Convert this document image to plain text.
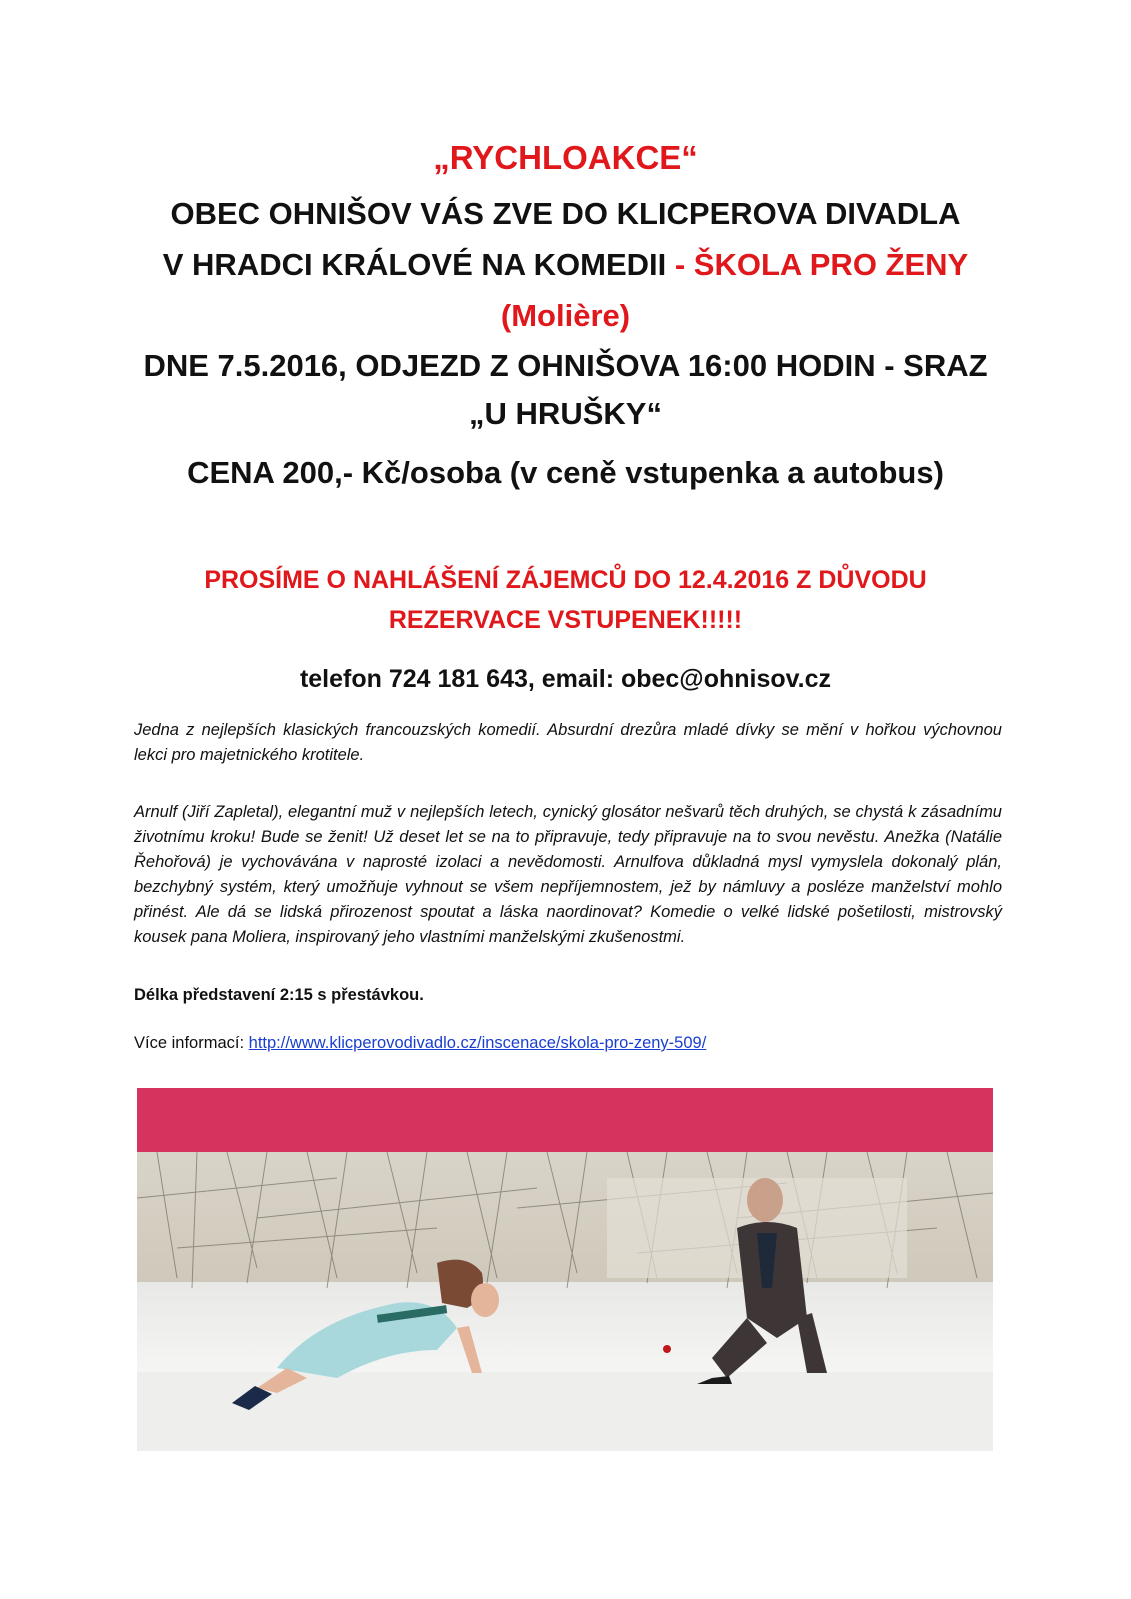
„RYCHLOAKCE“
OBEC OHNIŠOV VÁS ZVE DO KLICPEROVA DIVADLA
V HRADCI KRÁLOVÉ NA KOMEDII - ŠKOLA PRO ŽENY
(Molière)
DNE 7.5.2016, ODJEZD Z OHNIŠOVA 16:00 HODIN - SRAZ „U HRUŠKY“
CENA 200,- Kč/osoba (v ceně vstupenka a autobus)
PROSÍME O NAHLÁŠENÍ ZÁJEMCŮ DO 12.4.2016 Z DŮVODU REZERVACE VSTUPENEK!!!!!
telefon 724 181 643, email: obec@ohnisov.cz
Jedna z nejlepších klasických francouzských komedií. Absurdní drezůra mladé dívky se mění v hořkou výchovnou lekci pro majetnického krotitele.
Arnulf (Jiří Zapletal), elegantní muž v nejlepších letech, cynický glosátor nešvarů těch druhých, se chystá k zásadnímu životnímu kroku! Bude se ženit! Už deset let se na to připravuje, tedy připravuje na to svou nevěstu. Anežka (Natálie Řehořová) je vychovávána v naprosté izolaci a nevědomosti. Arnulfova důkladná mysl vymyslela dokonalý plán, bezchybný systém, který umožňuje vyhnout se všem nepříjemnostem, jež by námluvy a posléze manželství mohlo přinést. Ale dá se lidská přirozenost spoutat a láska naordinovat? Komedie o velké lidské pošetilosti, mistrovský kousek pana Moliera, inspirovaný jeho vlastními manželskými zkušenostmi.
Délka představení 2:15 s přestávkou.
Více informací: http://www.klicperovodivadlo.cz/inscenace/skola-pro-zeny-509/
